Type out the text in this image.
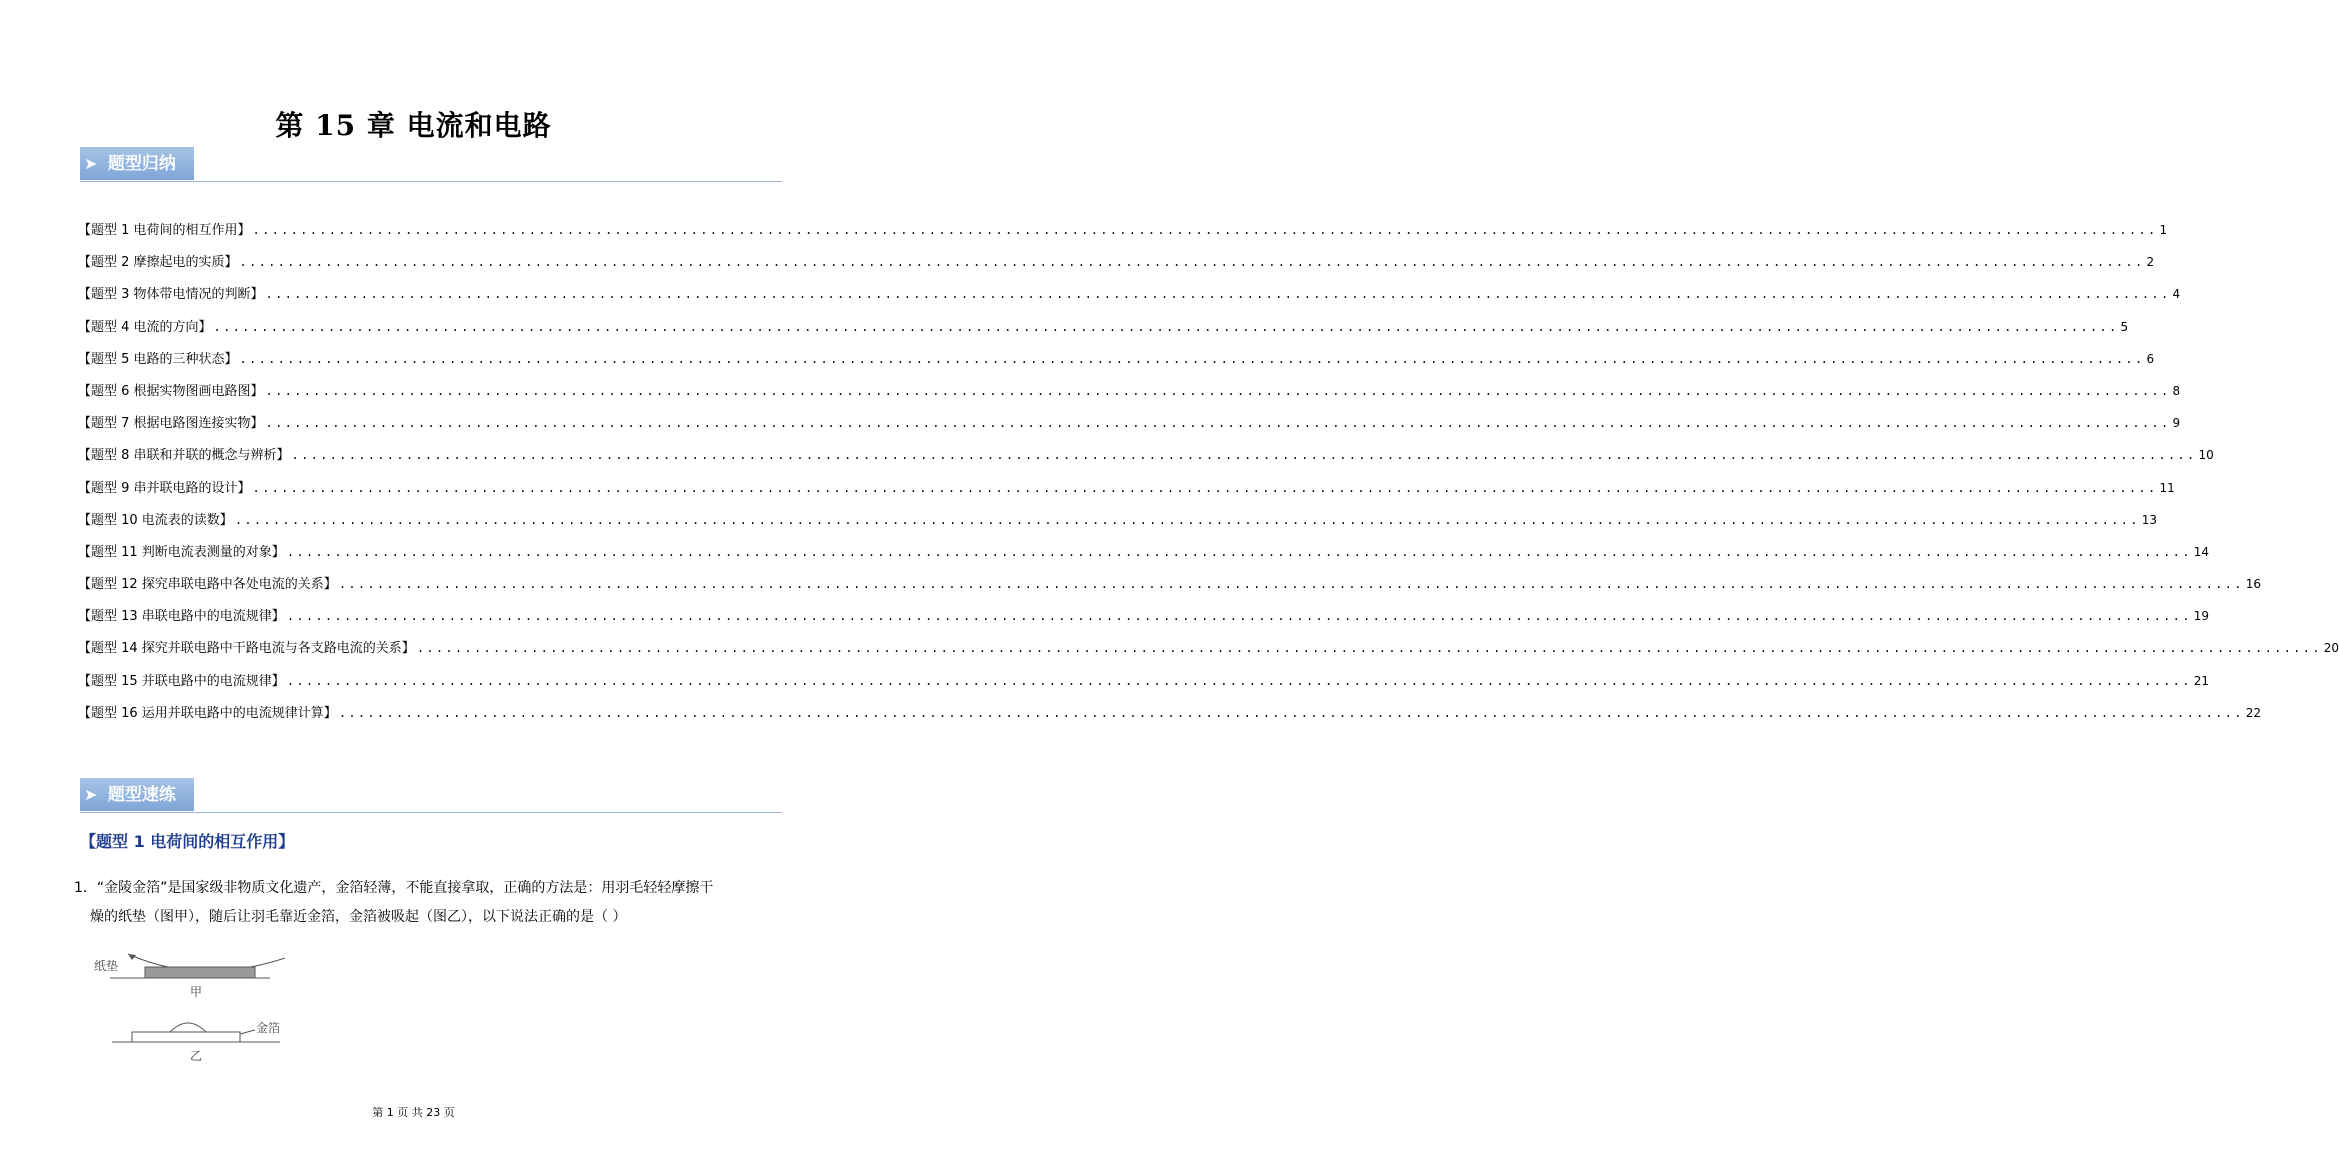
第 15 章 电流和电路
➤ 题型归纳
【题型 1 电荷间的相互作用】 ........................................................................................................................................................................................................ 1
【题型 2 摩擦起电的实质】 ........................................................................................................................................................................................................ 2
【题型 3 物体带电情况的判断】 ........................................................................................................................................................................................................ 4
【题型 4 电流的方向】 ........................................................................................................................................................................................................ 5
【题型 5 电路的三种状态】 ........................................................................................................................................................................................................ 6
【题型 6 根据实物图画电路图】 ........................................................................................................................................................................................................ 8
【题型 7 根据电路图连接实物】 ........................................................................................................................................................................................................ 9
【题型 8 串联和并联的概念与辨析】 ........................................................................................................................................................................................................ 10
【题型 9 串并联电路的设计】 ........................................................................................................................................................................................................ 11
【题型 10 电流表的读数】 ........................................................................................................................................................................................................ 13
【题型 11 判断电流表测量的对象】 ........................................................................................................................................................................................................ 14
【题型 12 探究串联电路中各处电流的关系】 ........................................................................................................................................................................................................ 16
【题型 13 串联电路中的电流规律】 ........................................................................................................................................................................................................ 19
【题型 14 探究并联电路中干路电流与各支路电流的关系】 ........................................................................................................................................................................................................ 20
【题型 15 并联电路中的电流规律】 ........................................................................................................................................................................................................ 21
【题型 16 运用并联电路中的电流规律计算】 ........................................................................................................................................................................................................ 22
➤ 题型速练
【题型 1 电荷间的相互作用】
1．“金陵金箔”是国家级非物质文化遗产，金箔轻薄，不能直接拿取，正确的方法是：用羽毛轻轻摩擦干
燥的纸垫（图甲），随后让羽毛靠近金箔，金箔被吸起（图乙），以下说法正确的是（ ）
纸垫
甲
金箔
乙
第 1 页 共 23 页
